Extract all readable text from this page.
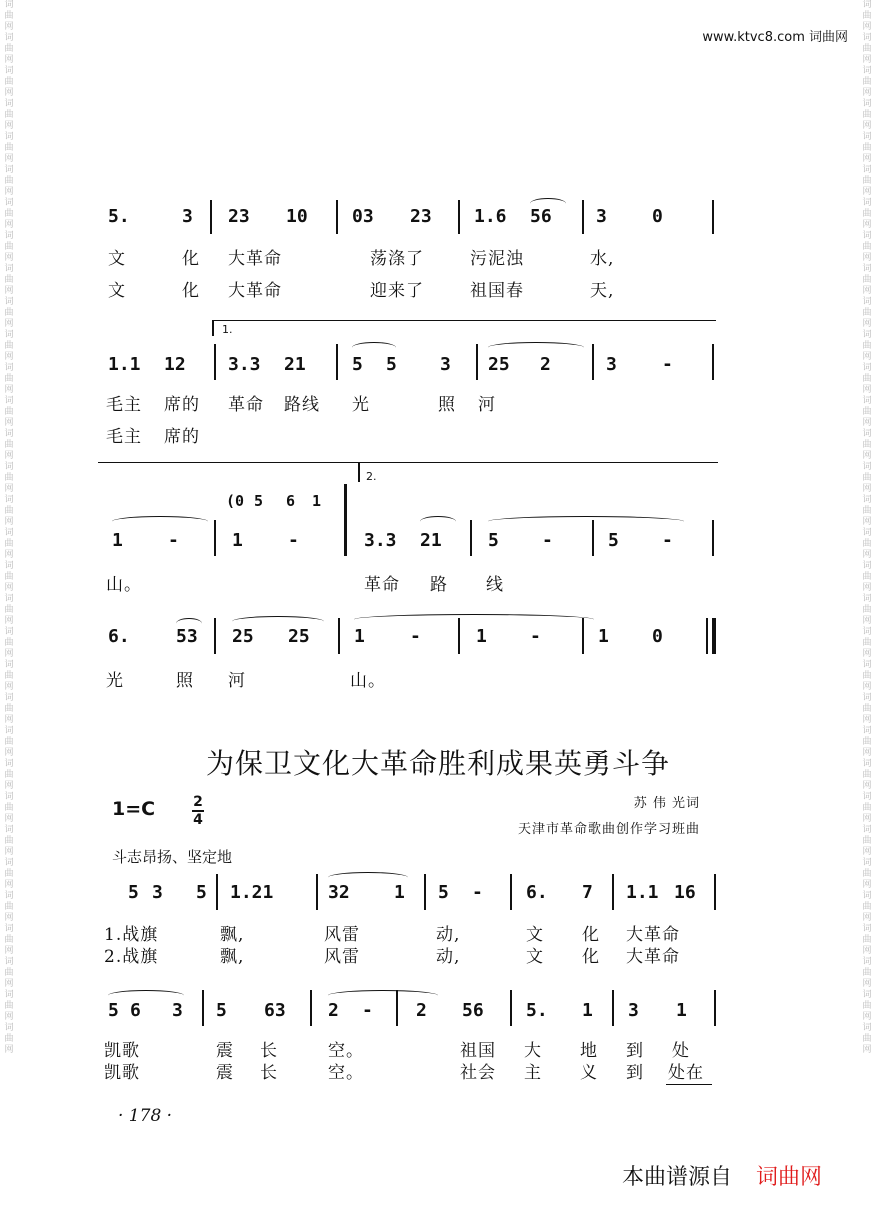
词曲网词曲网词曲网词曲网词曲网词曲网词曲网词曲网词曲网词曲网词曲网词曲网词曲网词曲网词曲网词曲网词曲网词曲网词曲网词曲网词曲网词曲网词曲网词曲网词曲网词曲网词曲网词曲网词曲网词曲网词曲网词曲网
词曲网词曲网词曲网词曲网词曲网词曲网词曲网词曲网词曲网词曲网词曲网词曲网词曲网词曲网词曲网词曲网词曲网词曲网词曲网词曲网词曲网词曲网词曲网词曲网词曲网词曲网词曲网词曲网词曲网词曲网词曲网词曲网
www.ktvc8.com 词曲网
5.	3 23 10 03 23 1.6 56 3	0
文	化 大革命	荡涤了	污泥浊	水,
文	化 大革命	迎来了	祖国春	天,
1.
1.1 12 3.3 21	5 5 3 25 2	3	-
毛主 席的 革命 路线 光	照 河
毛主 席的
2.
(0 5 6 1
1	-	1	-	3.3 21	5 -	5 -
山。	革命 路 线
6.	53 25 25 1	-	1 -	1 0
光	照 河	山。
为保卫文化大革命胜利成果英勇斗争
1=C	2
4
苏 伟 光词
天津市革命歌曲创作学习班曲
斗志昂扬、坚定地
5 3 5 1.21	32 1 5 - 6. 7 1.1 16
1.战旗	飘,	风雷	动,	文 化 大革命
2.战旗	飘,	风雷	动,	文 化 大革命
5 6 3 5 63 2 - 2 56 5. 1 3 1
凯歌	震 长	空。	祖国 大 地 到 处
凯歌	震 长	空。	社会 主 义 到 处在
· 178 ·
本曲谱源自 词曲网
